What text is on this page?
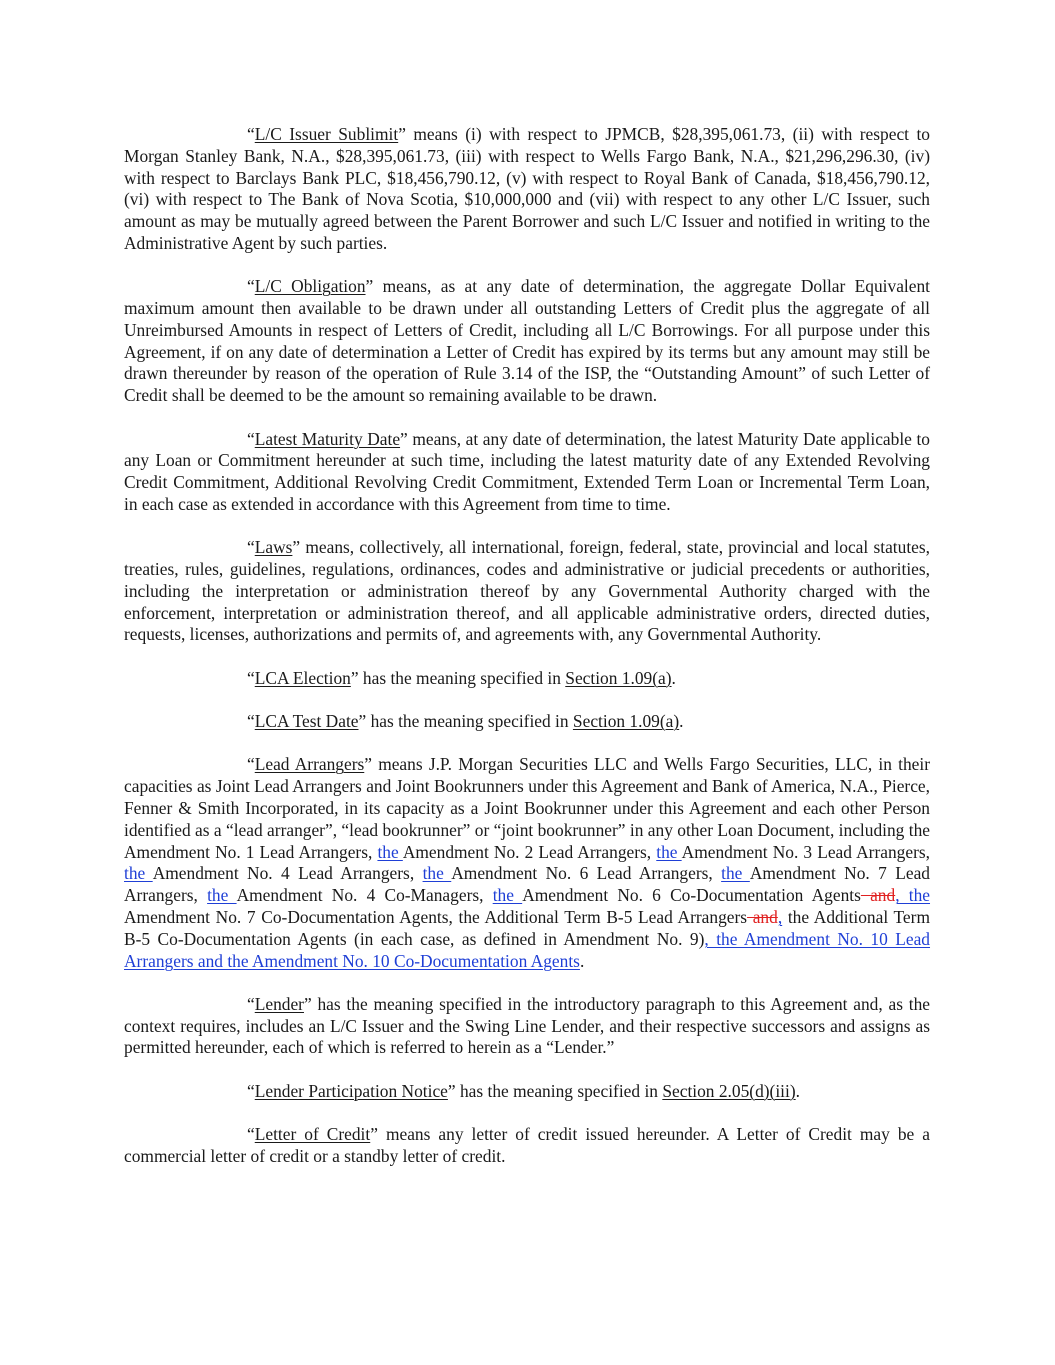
“L/C Issuer Sublimit” means (i) with respect to JPMCB, $28,395,061.73, (ii) with respect to Morgan Stanley Bank, N.A., $28,395,061.73, (iii) with respect to Wells Fargo Bank, N.A., $21,296,296.30, (iv) with respect to Barclays Bank PLC, $18,456,790.12, (v) with respect to Royal Bank of Canada, $18,456,790.12, (vi) with respect to The Bank of Nova Scotia, $10,000,000 and (vii) with respect to any other L/C Issuer, such amount as may be mutually agreed between the Parent Borrower and such L/C Issuer and notified in writing to the Administrative Agent by such parties.

“L/C Obligation” means, as at any date of determination, the aggregate Dollar Equivalent maximum amount then available to be drawn under all outstanding Letters of Credit plus the aggregate of all Unreimbursed Amounts in respect of Letters of Credit, including all L/C Borrowings. For all purpose under this Agreement, if on any date of determination a Letter of Credit has expired by its terms but any amount may still be drawn thereunder by reason of the operation of Rule 3.14 of the ISP, the “Outstanding Amount” of such Letter of Credit shall be deemed to be the amount so remaining available to be drawn.

“Latest Maturity Date” means, at any date of determination, the latest Maturity Date applicable to any Loan or Commitment hereunder at such time, including the latest maturity date of any Extended Revolving Credit Commitment, Additional Revolving Credit Commitment, Extended Term Loan or Incremental Term Loan, in each case as extended in accordance with this Agreement from time to time.

“Laws” means, collectively, all international, foreign, federal, state, provincial and local statutes, treaties, rules, guidelines, regulations, ordinances, codes and administrative or judicial precedents or authorities, including the interpretation or administration thereof by any Governmental Authority charged with the enforcement, interpretation or administration thereof, and all applicable administrative orders, directed duties, requests, licenses, authorizations and permits of, and agreements with, any Governmental Authority.

“LCA Election” has the meaning specified in Section 1.09(a).

“LCA Test Date” has the meaning specified in Section 1.09(a).

“Lead Arrangers” means J.P. Morgan Securities LLC and Wells Fargo Securities, LLC, in their capacities as Joint Lead Arrangers and Joint Bookrunners under this Agreement and Bank of America, N.A., Pierce, Fenner & Smith Incorporated, in its capacity as a Joint Bookrunner under this Agreement and each other Person identified as a “lead arranger”, “lead bookrunner” or “joint bookrunner” in any other Loan Document, including the Amendment No. 1 Lead Arrangers, the Amendment No. 2 Lead Arrangers, the Amendment No. 3 Lead Arrangers, the Amendment No. 4 Lead Arrangers, the Amendment No. 6 Lead Arrangers, the Amendment No. 7 Lead Arrangers, the Amendment No. 4 Co-Managers, the Amendment No. 6 Co-Documentation Agents and, the Amendment No. 7 Co-Documentation Agents, the Additional Term B-5 Lead Arrangers and, the Additional Term B-5 Co-Documentation Agents (in each case, as defined in Amendment No. 9), the Amendment No. 10 Lead Arrangers and the Amendment No. 10 Co-Documentation Agents.

“Lender” has the meaning specified in the introductory paragraph to this Agreement and, as the context requires, includes an L/C Issuer and the Swing Line Lender, and their respective successors and assigns as permitted hereunder, each of which is referred to herein as a “Lender.”

“Lender Participation Notice” has the meaning specified in Section 2.05(d)(iii).

“Letter of Credit” means any letter of credit issued hereunder. A Letter of Credit may be a commercial letter of credit or a standby letter of credit.
